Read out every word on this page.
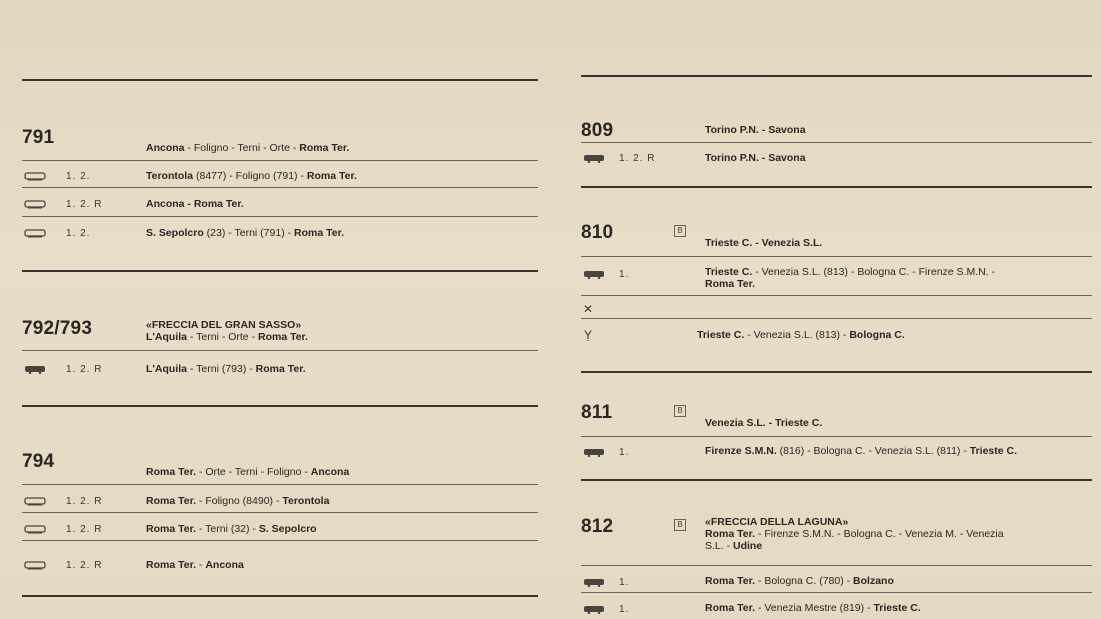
791	Ancona - Foligno - Terni - Orte - Roma Ter.
1. 2.	Terontola (8477) - Foligno (791) - Roma Ter.
1. 2. R	Ancona - Roma Ter.
1. 2.	S. Sepolcro (23) - Terni (791) - Roma Ter.
792/793	«FRECCIA DEL GRAN SASSO»
L'Aquila - Terni - Orte - Roma Ter.
1. 2. R	L'Aquila - Terni (793) - Roma Ter.
794	Roma Ter. - Orte - Terni - Foligno - Ancona
1. 2. R	Roma Ter. - Foligno (8490) - Terontola
1. 2. R	Roma Ter. - Terni (32) - S. Sepolcro
1. 2. R	Roma Ter. - Ancona
809	Torino P.N. - Savona
1. 2. R	Torino P.N. - Savona
810	B
Trieste C. - Venezia S.L.
1.	Trieste C. - Venezia S.L. (813) - Bologna C. - Firenze S.M.N. -
Roma Ter.
✕
Ỵ	Trieste C. - Venezia S.L. (813) - Bologna C.
811	B
Venezia S.L. - Trieste C.
1.	Firenze S.M.N. (816) - Bologna C. - Venezia S.L. (811) - Trieste C.
812	B	«FRECCIA DELLA LAGUNA»
Roma Ter. - Firenze S.M.N. - Bologna C. - Venezia M. - Venezia
S.L. - Udine
1.	Roma Ter. - Bologna C. (780) - Bolzano
1.	Roma Ter. - Venezia Mestre (819) - Trieste C.
